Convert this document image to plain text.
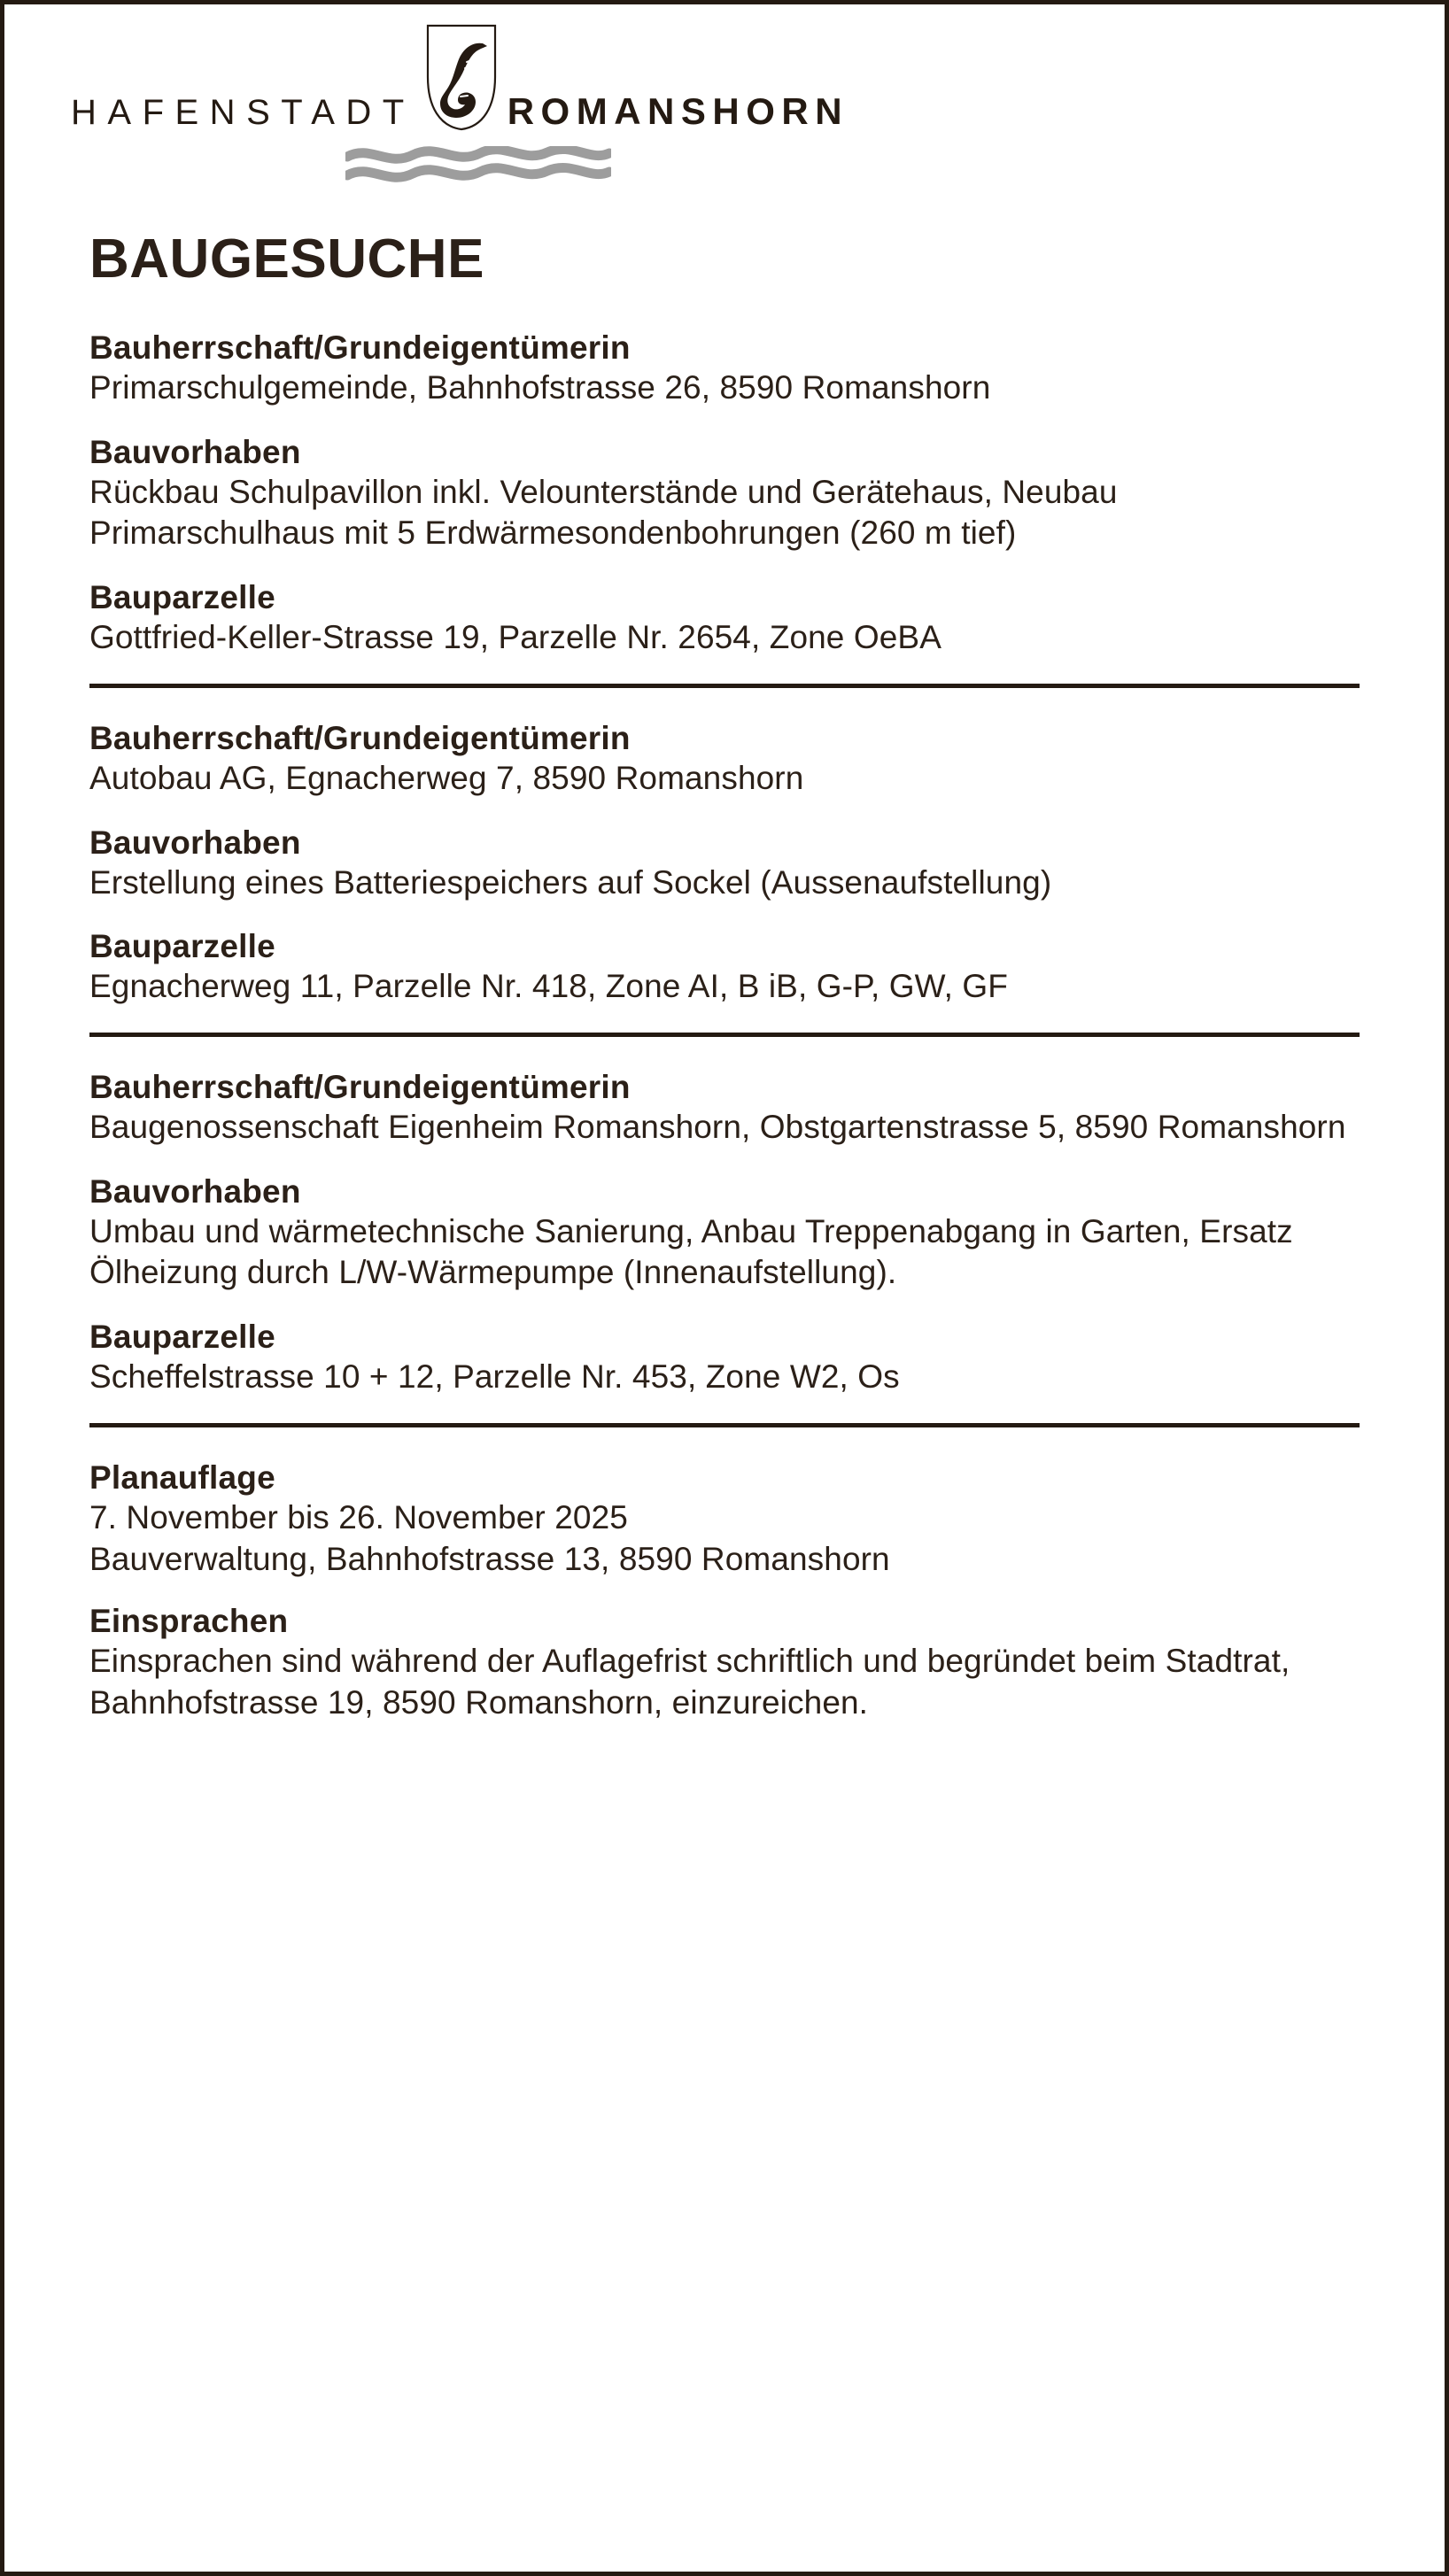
HAFENSTADT ROMANSHORN
BAUGESUCHE
Bauherrschaft/Grundeigentümerin
Primarschulgemeinde, Bahnhofstrasse 26, 8590 Romanshorn
Bauvorhaben
Rückbau Schulpavillon inkl. Velounterstände und Gerätehaus, Neubau Primarschulhaus mit 5 Erdwärmesondenbohrungen (260 m tief)
Bauparzelle
Gottfried-Keller-Strasse 19, Parzelle Nr. 2654, Zone OeBA
Bauherrschaft/Grundeigentümerin
Autobau AG, Egnacherweg 7, 8590 Romanshorn
Bauvorhaben
Erstellung eines Batteriespeichers auf Sockel (Aussenaufstellung)
Bauparzelle
Egnacherweg 11, Parzelle Nr. 418, Zone AI, B iB, G-P, GW, GF
Bauherrschaft/Grundeigentümerin
Baugenossenschaft Eigenheim Romanshorn, Obstgartenstrasse 5, 8590 Romanshorn
Bauvorhaben
Umbau und wärmetechnische Sanierung, Anbau Treppenabgang in Garten, Ersatz Ölheizung durch L/W-Wärmepumpe (Innenaufstellung).
Bauparzelle
Scheffelstrasse 10 + 12, Parzelle Nr. 453, Zone W2, Os
Planauflage
7. November bis 26. November 2025
Bauverwaltung, Bahnhofstrasse 13, 8590 Romanshorn
Einsprachen
Einsprachen sind während der Auflagefrist schriftlich und begründet beim Stadtrat, Bahnhofstrasse 19, 8590 Romanshorn, einzureichen.
